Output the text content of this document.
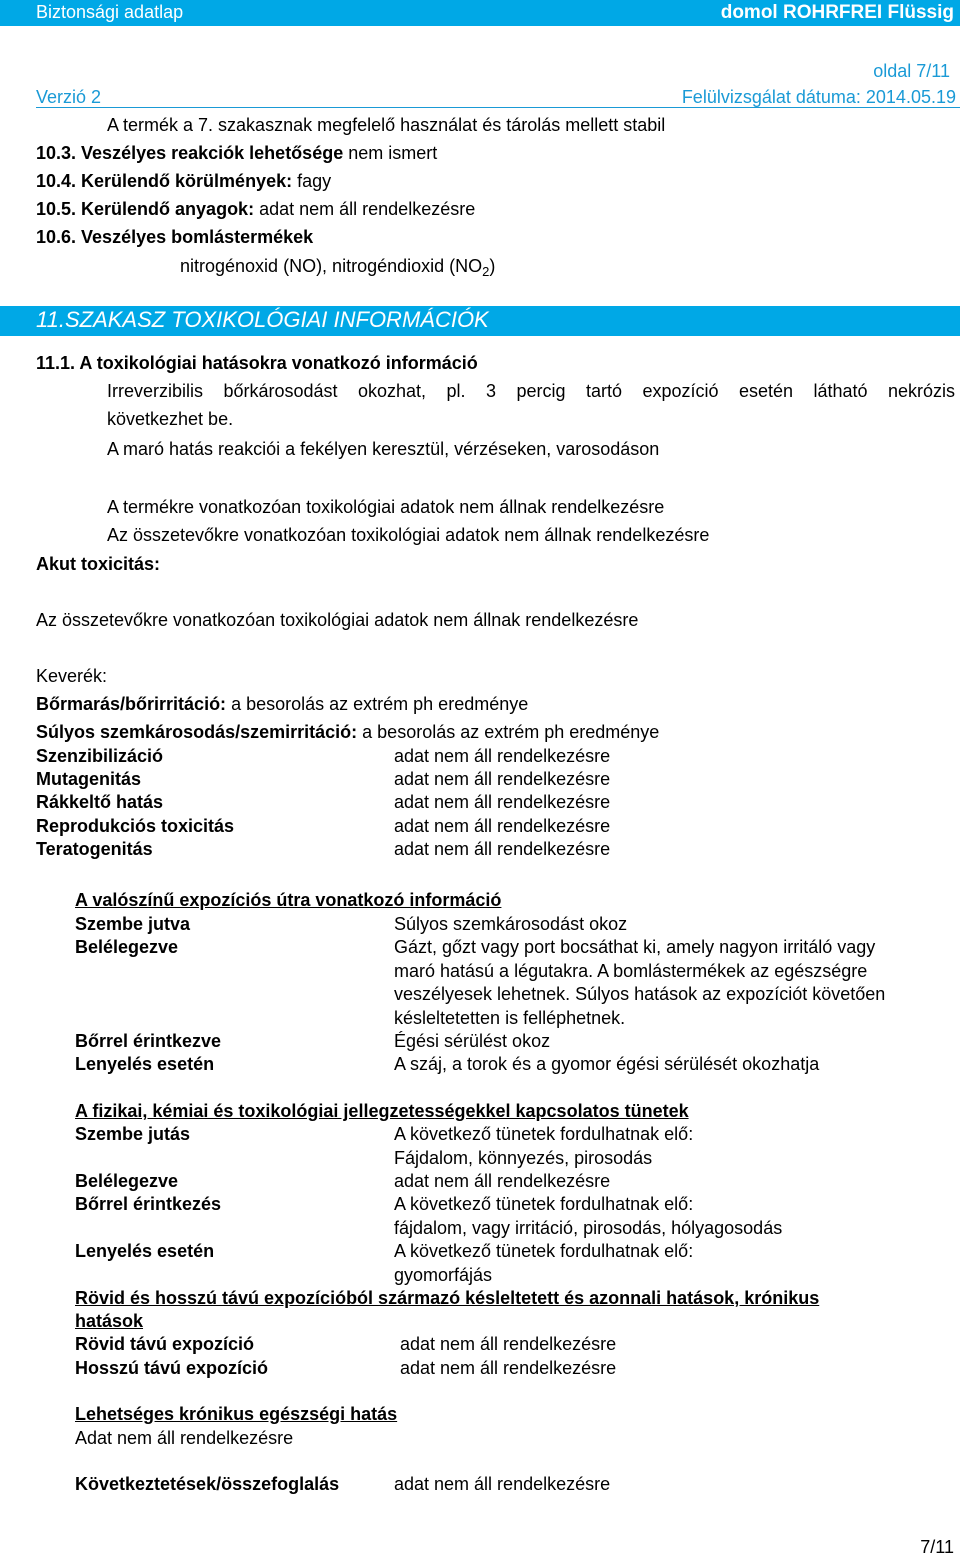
Biztonsági adatlap	domol ROHRFREI Flüssig
oldal 7/11
Verzió 2	Felülvizsgálat dátuma: 2014.05.19
A termék a 7. szakasznak megfelelő használat és tárolás mellett stabil
10.3. Veszélyes reakciók lehetősége nem ismert
10.4. Kerülendő körülmények: fagy
10.5. Kerülendő anyagok: adat nem áll rendelkezésre
10.6. Veszélyes bomlástermékek
nitrogénoxid (NO), nitrogéndioxid $(NO_2)$
11.SZAKASZ TOXIKOLÓGIAI INFORMÁCIÓK
11.1. A toxikológiai hatásokra vonatkozó információ
Irreverzibilis bőrkárosodást okozhat, pl. 3 percig tartó expozíció esetén látható nekrózis
következhet be.
A maró hatás reakciói a fekélyen keresztül, vérzéseken, varosodáson
A termékre vonatkozóan toxikológiai adatok nem állnak rendelkezésre
Az összetevőkre vonatkozóan toxikológiai adatok nem állnak rendelkezésre
Akut toxicitás:
Az összetevőkre vonatkozóan toxikológiai adatok nem állnak rendelkezésre
Keverék:
Bőrmarás/bőrirritáció: a besorolás az extrém ph eredménye
Súlyos szemkárosodás/szemirritáció: a besorolás az extrém ph eredménye
Szenzibilizáció	adat nem áll rendelkezésre
Mutagenitás	adat nem áll rendelkezésre
Rákkeltő hatás	adat nem áll rendelkezésre
Reprodukciós toxicitás	adat nem áll rendelkezésre
Teratogenitás	adat nem áll rendelkezésre
A valószínű expozíciós útra vonatkozó információ
Szembe jutva	Súlyos szemkárosodást okoz
Belélegezve	Gázt, gőzt vagy port bocsáthat ki, amely nagyon irritáló vagy
maró hatású a légutakra. A bomlástermékek az egészségre
veszélyesek lehetnek. Súlyos hatások az expozíciót követően
késleltetetten is felléphetnek.
Bőrrel érintkezve	Égési sérülést okoz
Lenyelés esetén	A száj, a torok és a gyomor égési sérülését okozhatja
A fizikai, kémiai és toxikológiai jellegzetességekkel kapcsolatos tünetek
Szembe jutás	A következő tünetek fordulhatnak elő:
Fájdalom, könnyezés, pirosodás
Belélegezve	adat nem áll rendelkezésre
Bőrrel érintkezés	A következő tünetek fordulhatnak elő:
fájdalom, vagy irritáció, pirosodás, hólyagosodás
Lenyelés esetén	A következő tünetek fordulhatnak elő:
gyomorfájás
Rövid és hosszú távú expozícióból származó késleltetett és azonnali hatások, krónikus
hatások
Rövid távú expozíció	adat nem áll rendelkezésre
Hosszú távú expozíció	adat nem áll rendelkezésre
Lehetséges krónikus egészségi hatás
Adat nem áll rendelkezésre
Következtetések/összefoglalás	adat nem áll rendelkezésre
7/11
